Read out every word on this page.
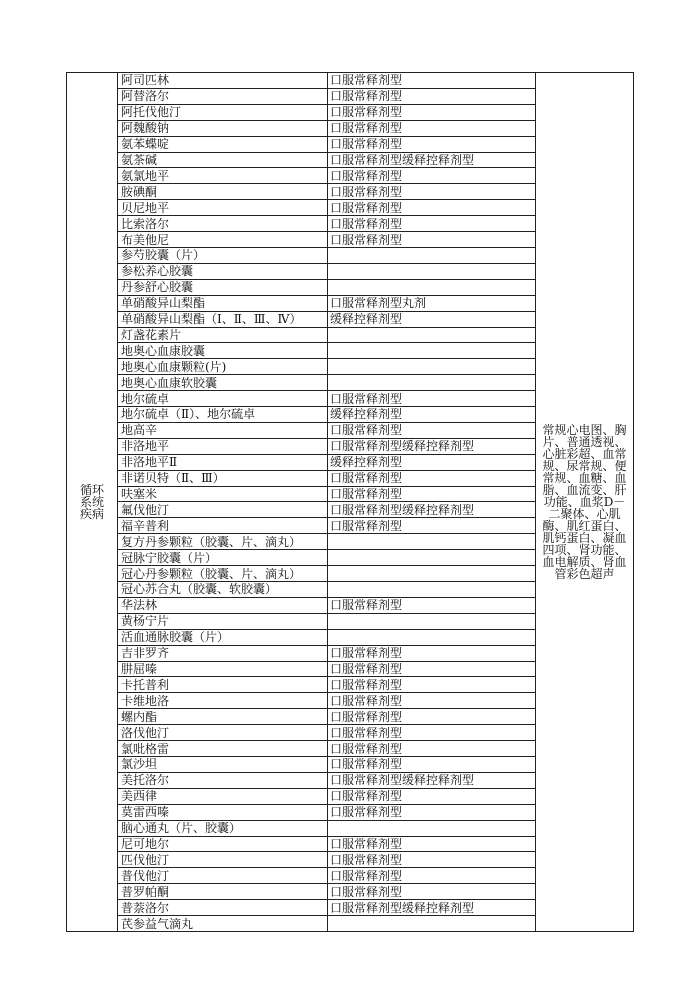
循环系统疾病	阿司匹林	口服常释剂型	常规心电图、胸片、普通透视、心脏彩超、血常规、尿常规、便常规、血糖、血脂、血流变、肝功能、血浆D－二聚体、心肌酶、肌红蛋白、肌钙蛋白、凝血四项、肾功能、血电解质、肾血管彩色超声
	阿替洛尔	口服常释剂型	
	阿托伐他汀	口服常释剂型	
	阿魏酸钠	口服常释剂型	
	氨苯蝶啶	口服常释剂型	
	氨茶碱	口服常释剂型缓释控释剂型	
	氨氯地平	口服常释剂型	
	胺碘酮	口服常释剂型	
	贝尼地平	口服常释剂型	
	比索洛尔	口服常释剂型	
	布美他尼	口服常释剂型	
	参芍胶囊（片）		
	参松养心胶囊		
	丹参舒心胶囊		
	单硝酸异山梨酯	口服常释剂型丸剂	
	单硝酸异山梨酯（Ⅰ、Ⅱ、Ⅲ、Ⅳ）	缓释控释剂型	
	灯盏花素片		
	地奥心血康胶囊		
	地奥心血康颗粒(片)		
	地奥心血康软胶囊		
	地尔硫卓	口服常释剂型	
	地尔硫卓（Ⅱ）、地尔硫卓	缓释控释剂型	
	地高辛	口服常释剂型	
	非洛地平	口服常释剂型缓释控释剂型	
	非洛地平Ⅱ	缓释控释剂型	
	非诺贝特（Ⅱ、Ⅲ）	口服常释剂型	
	呋塞米	口服常释剂型	
	氟伐他汀	口服常释剂型缓释控释剂型	
	福辛普利	口服常释剂型	
	复方丹参颗粒（胶囊、片、滴丸）		
	冠脉宁胶囊（片）		
	冠心丹参颗粒（胶囊、片、滴丸）		
	冠心苏合丸（胶囊、软胶囊）		
	华法林	口服常释剂型	
	黄杨宁片		
	活血通脉胶囊（片）		
	吉非罗齐	口服常释剂型	
	肼屈嗪	口服常释剂型	
	卡托普利	口服常释剂型	
	卡维地洛	口服常释剂型	
	螺内酯	口服常释剂型	
	洛伐他汀	口服常释剂型	
	氯吡格雷	口服常释剂型	
	氯沙坦	口服常释剂型	
	美托洛尔	口服常释剂型缓释控释剂型	
	美西律	口服常释剂型	
	莫雷西嗪	口服常释剂型	
	脑心通丸（片、胶囊）		
	尼可地尔	口服常释剂型	
	匹伐他汀	口服常释剂型	
	普伐他汀	口服常释剂型	
	普罗帕酮	口服常释剂型	
	普萘洛尔	口服常释剂型缓释控释剂型	
	芪参益气滴丸		
